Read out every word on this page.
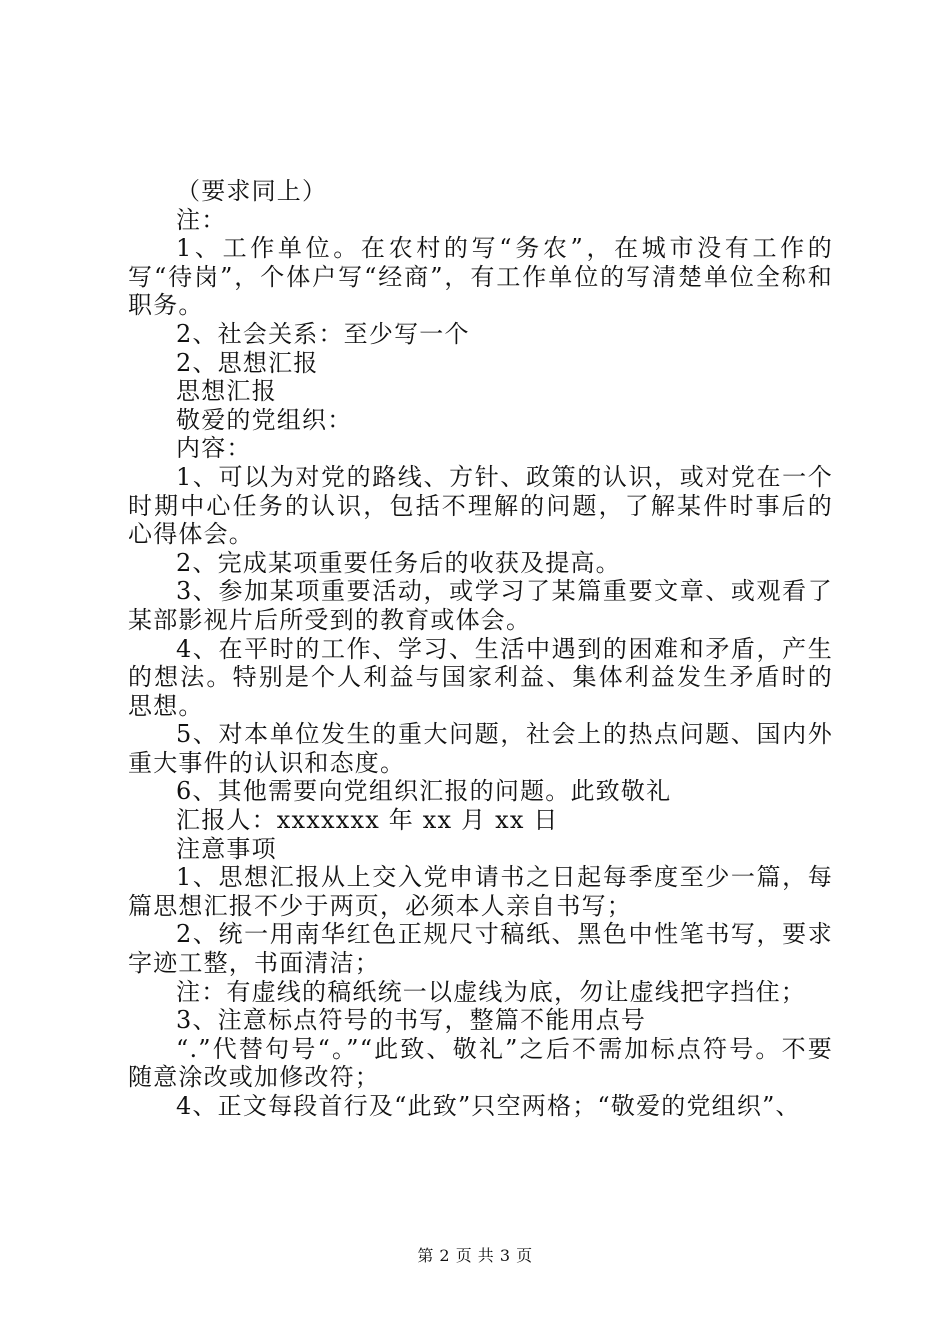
（要求同上）

注：

1、工作单位。在农村的写“务农”，在城市没有工作的写“待岗”，个体户写“经商”，有工作单位的写清楚单位全称和职务。

2、社会关系：至少写一个

2、思想汇报

思想汇报

敬爱的党组织：

内容：

1、可以为对党的路线、方针、政策的认识，或对党在一个时期中心任务的认识，包括不理解的问题，了解某件时事后的心得体会。

2、完成某项重要任务后的收获及提高。

3、参加某项重要活动，或学习了某篇重要文章、或观看了某部影视片后所受到的教育或体会。

4、在平时的工作、学习、生活中遇到的困难和矛盾，产生的想法。特别是个人利益与国家利益、集体利益发生矛盾时的思想。

5、对本单位发生的重大问题，社会上的热点问题、国内外重大事件的认识和态度。

6、其他需要向党组织汇报的问题。此致敬礼

汇报人：xxxxxxx 年 xx 月 xx 日

注意事项

1、思想汇报从上交入党申请书之日起每季度至少一篇，每篇思想汇报不少于两页，必须本人亲自书写；

2、统一用南华红色正规尺寸稿纸、黑色中性笔书写，要求字迹工整，书面清洁；

注：有虚线的稿纸统一以虚线为底，勿让虚线把字挡住；

3、注意标点符号的书写，整篇不能用点号

“.”代替句号“。”“此致、敬礼”之后不需加标点符号。不要随意涂改或加修改符；

4、正文每段首行及“此致”只空两格；“敬爱的党组织”、

第 2 页 共 3 页
